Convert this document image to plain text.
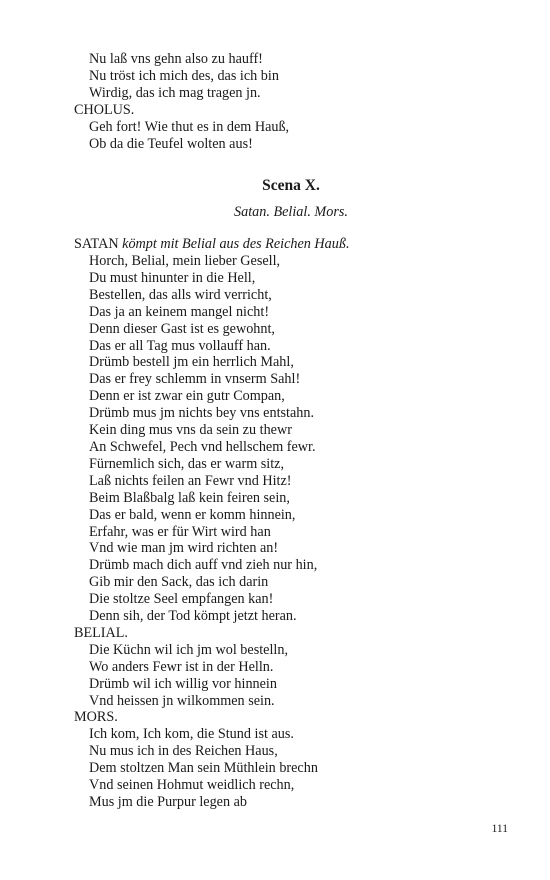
Nu laß vns gehn also zu hauff!
Nu tröst ich mich des, das ich bin
Wirdig, das ich mag tragen jn.
CHOLUS.
Geh fort! Wie thut es in dem Hauß,
Ob da die Teufel wolten aus!
Scena X.
Satan. Belial. Mors.
SATAN kömpt mit Belial aus des Reichen Hauß.
Horch, Belial, mein lieber Gesell,
Du must hinunter in die Hell,
Bestellen, das alls wird verricht,
Das ja an keinem mangel nicht!
Denn dieser Gast ist es gewohnt,
Das er all Tag mus vollauff han.
Drümb bestell jm ein herrlich Mahl,
Das er frey schlemm in vnserm Sahl!
Denn er ist zwar ein gutr Compan,
Drümb mus jm nichts bey vns entstahn.
Kein ding mus vns da sein zu thewr
An Schwefel, Pech vnd hellschem fewr.
Fürnemlich sich, das er warm sitz,
Laß nichts feilen an Fewr vnd Hitz!
Beim Blaßbalg laß kein feiren sein,
Das er bald, wenn er komm hinnein,
Erfahr, was er für Wirt wird han
Vnd wie man jm wird richten an!
Drümb mach dich auff vnd zieh nur hin,
Gib mir den Sack, das ich darin
Die stoltze Seel empfangen kan!
Denn sih, der Tod kömpt jetzt heran.
BELIAL.
Die Küchn wil ich jm wol bestelln,
Wo anders Fewr ist in der Helln.
Drümb wil ich willig vor hinnein
Vnd heissen jn wilkommen sein.
MORS.
Ich kom, Ich kom, die Stund ist aus.
Nu mus ich in des Reichen Haus,
Dem stoltzen Man sein Müthlein brechn
Vnd seinen Hohmut weidlich rechn,
Mus jm die Purpur legen ab
111
